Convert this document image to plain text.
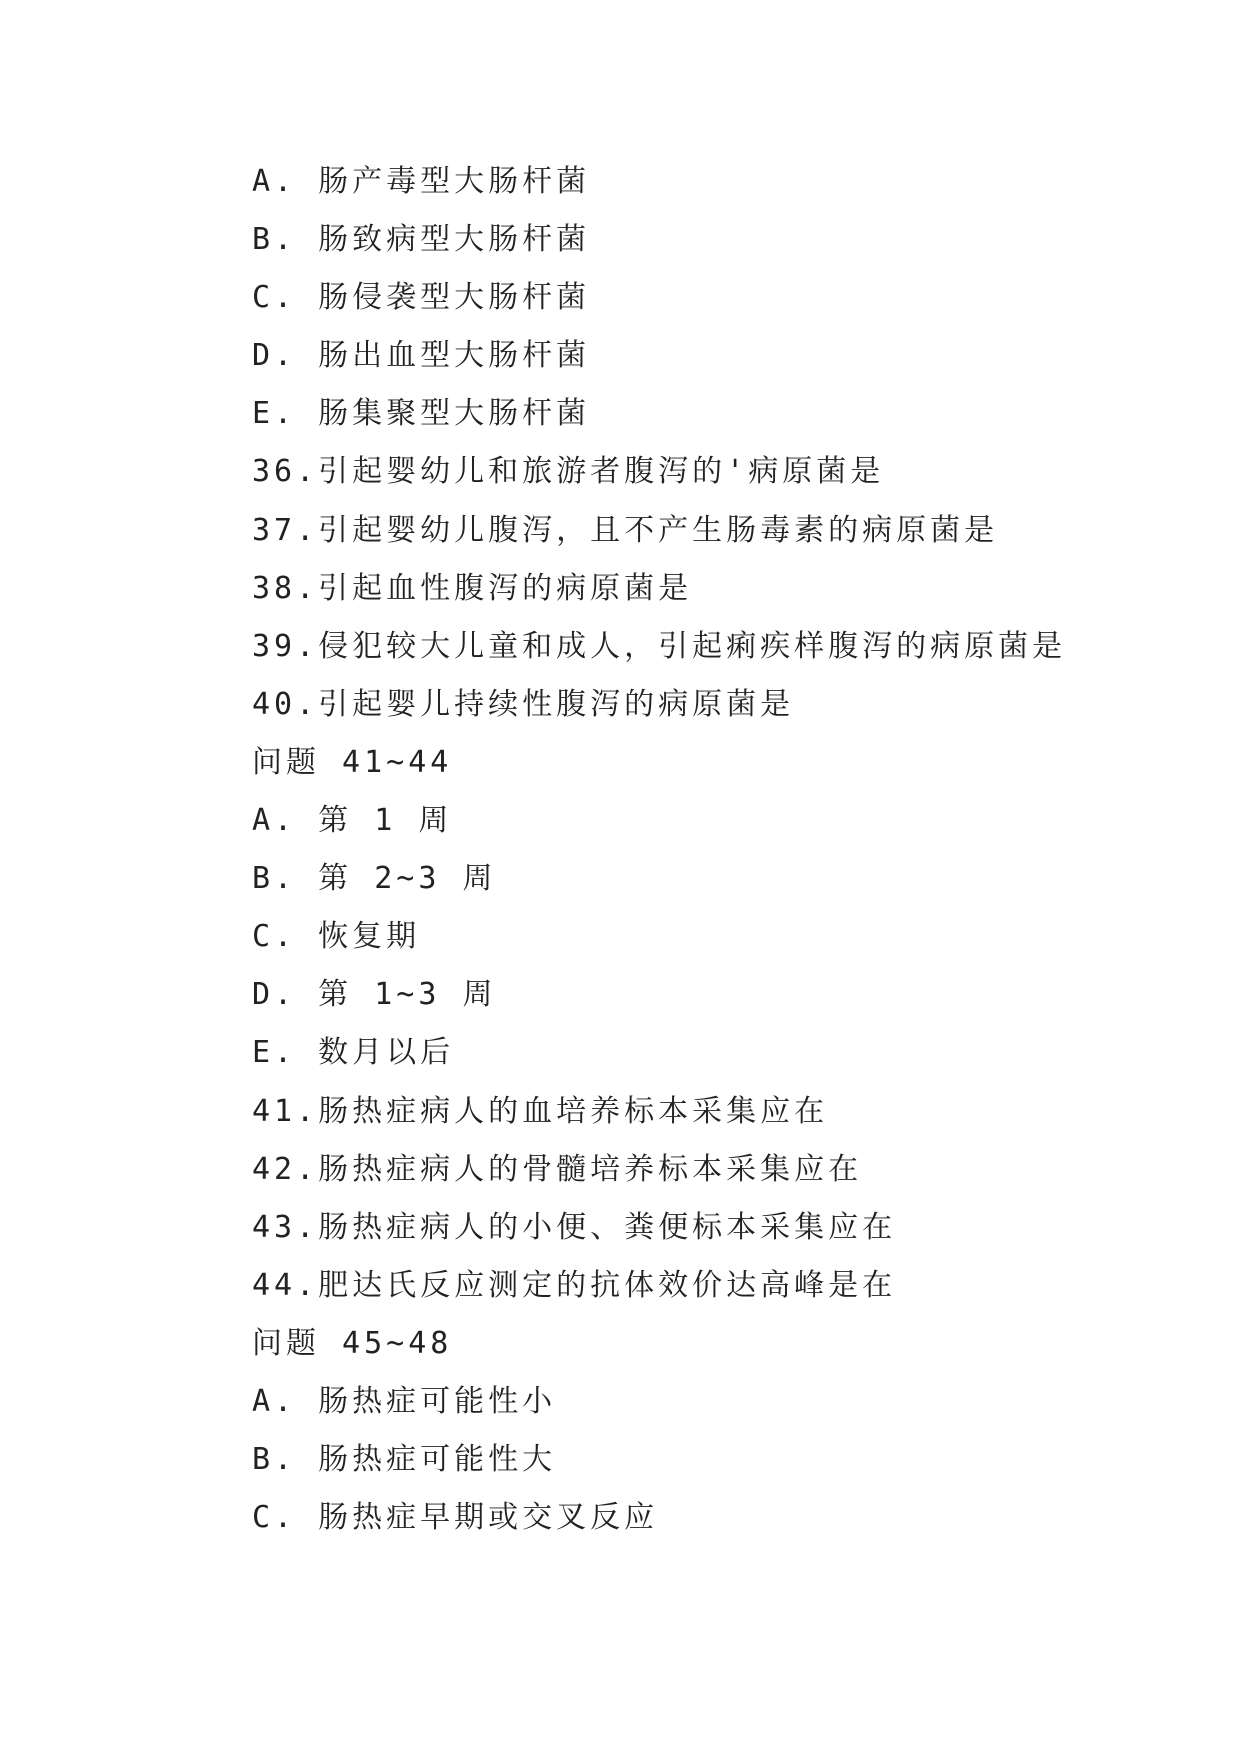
A. 肠产毒型大肠杆菌
B. 肠致病型大肠杆菌
C. 肠侵袭型大肠杆菌
D. 肠出血型大肠杆菌
E. 肠集聚型大肠杆菌
36.引起婴幼儿和旅游者腹泻的'病原菌是
37.引起婴幼儿腹泻，且不产生肠毒素的病原菌是
38.引起血性腹泻的病原菌是
39.侵犯较大儿童和成人，引起痢疾样腹泻的病原菌是
40.引起婴儿持续性腹泻的病原菌是
问题 41~44
A. 第 1 周
B. 第 2~3 周
C. 恢复期
D. 第 1~3 周
E. 数月以后
41.肠热症病人的血培养标本采集应在
42.肠热症病人的骨髓培养标本采集应在
43.肠热症病人的小便、粪便标本采集应在
44.肥达氏反应测定的抗体效价达高峰是在
问题 45~48
A. 肠热症可能性小
B. 肠热症可能性大
C. 肠热症早期或交叉反应
